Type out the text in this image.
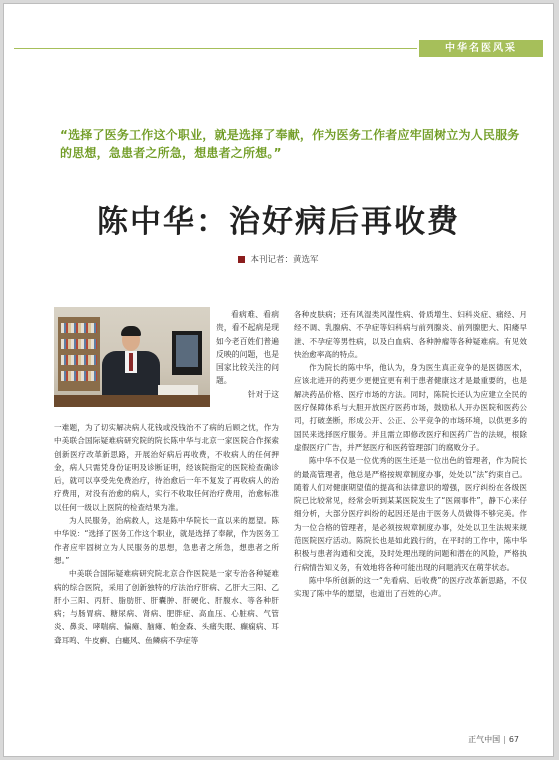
中华名医风采
“选择了医务工作这个职业，就是选择了奉献，作为医务工作者应牢固树立为人民服务的思想，急患者之所急，想患者之所想。”
陈中华：治好病后再收费
本刊记者：黄选军

看病难、看病贵，看不起病是现如今老百姓们普遍反映的问题，也是国家比较关注的问题。

针对于这

一难题，为了切实解决病人花钱或没钱治不了病的后顾之忧，作为中美联合国际疑难病研究院的院长陈中华与北京一家医院合作探索创新医疗改革新思路，开展治好病后再收费，不收病人的任何押金，病人只需凭身份证明及诊断证明，经该院指定的医院检查确诊后，就可以享受先免费治疗，待治愈后一年不复发了再收病人的治疗费用，对没有治愈的病人，实行不收取任何治疗费用，治愈标准以任何一级以上医院的检查结果为准。

为人民服务，治病救人，这是陈中华院长一直以来的愿望。陈中华说：“选择了医务工作这个职业，就是选择了奉献，作为医务工作者应牢固树立为人民服务的思想，急患者之所急，想患者之所想。”

中美联合国际疑难病研究院北京合作医院是一家专治各种疑难病的综合医院，采用了创新独特的疗法治疗肝病、乙肝大三阳、乙肝小三阳、丙肝、脂肪肝、肝囊肿、肝硬化、肝腹水、等各种肝病；与肠胃病、糖尿病、肾病、肥胖症、高血压、心脏病、气管炎、鼻炎、哮喘病、偏瘫、脑瘫、帕金森、头痛失眠、癫痫病、耳聋耳鸣、牛皮癣、白癜风、鱼鳞病不孕症等

各种皮肤病；还有风湿类风湿性病、骨质增生、妇科炎症、痛经、月经不调、乳腺病、不孕症等妇科病与前列腺炎、前列腺肥大、阳痿早泄、不孕症等男性病，以及白血病、各种肿瘤等各种疑难病。有见效快治愈率高的特点。

作为院长的陈中华，他认为，身为医生真正竞争的是医德医术，应该北进开的药更少更便宜更有利于患者健康这才是最重要的，也是解决药品价格、医疗市场的方法。同时，陈院长还认为应建立全民的医疗保障体系与大胆开放医疗医药市场，鼓励私人开办医院和医药公司，打破垄断，形成公开、公正、公平竞争的市场环境，以供更多的国民来选择医疗服务。并且需立即修改医疗和医药广告的法规，根除虚假医疗广告，并严惩医疗和医药管理部门的腐败分子。

陈中华不仅是一位优秀的医生还是一位出色的管理者，作为院长的最高管理者，他总是严格按规章制度办事，处处以“法”约束自己。随着人们对健康期望值的提高和法律意识的增强，医疗纠纷在各级医院已比较常见，经常会听到某某医院发生了“医闹事件”，静下心来仔细分析，大部分医疗纠纷的起因还是由于医务人员做得不够完美。作为一位合格的管理者，是必须按规章制度办事，处处以卫生法规来规范医院医疗活动。陈院长也是如此践行的，在平时的工作中，陈中华积极与患者沟通和交流，及时处理出现的问题和潜在的风险，严格执行病情告知义务，有效地将各种可能出现的问题消灭在萌芽状态。

陈中华所创新的这一“先看病、后收费”的医疗改革新思路，不仅实现了陈中华的愿望，也道出了百姓的心声。

正气中国 | 67
